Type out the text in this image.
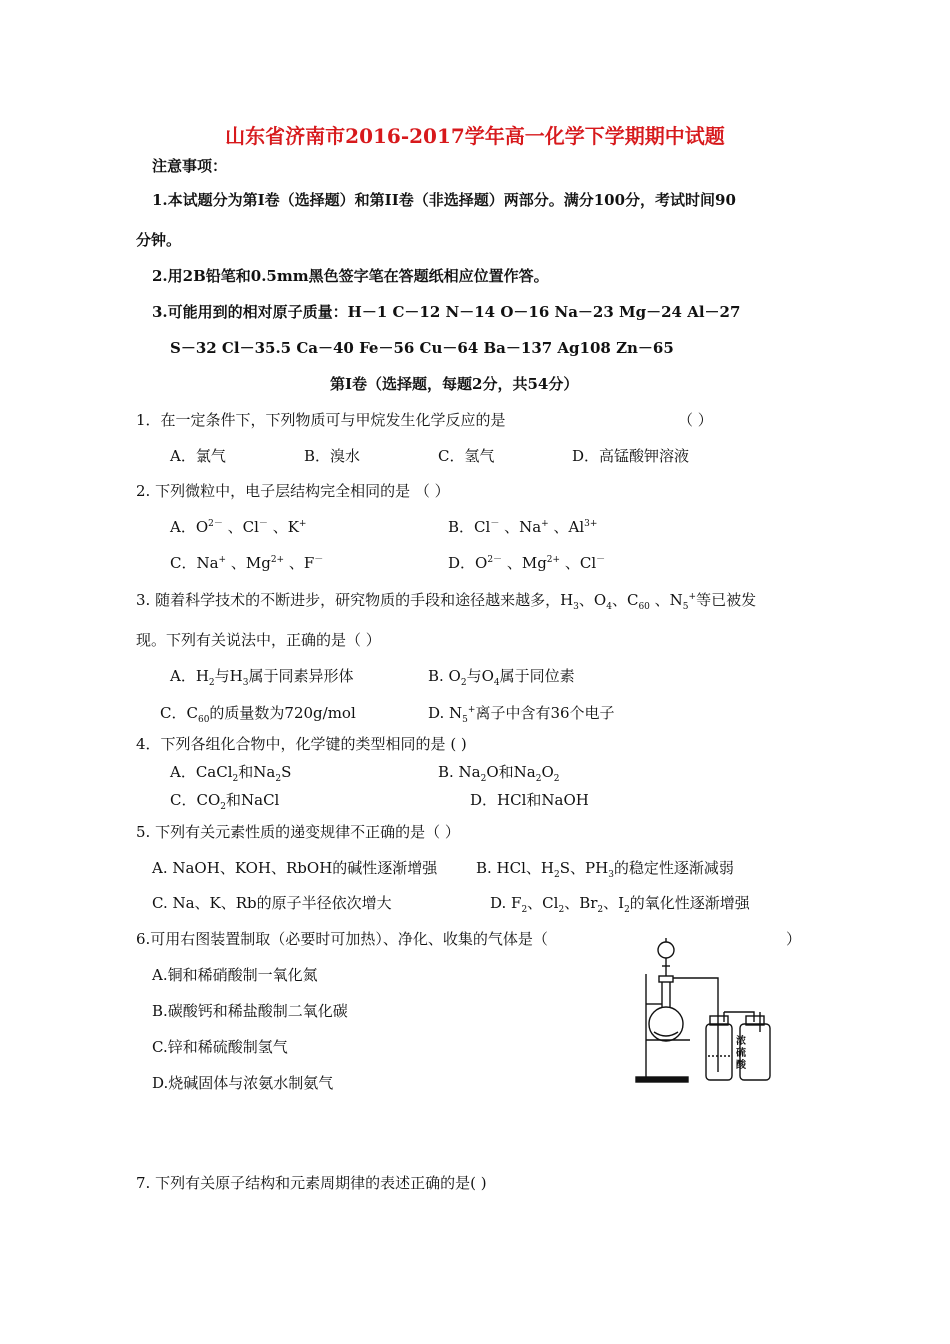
山东省济南市2016-2017学年高一化学下学期期中试题
注意事项：
1.本试题分为第I卷（选择题）和第II卷（非选择题）两部分。满分100分，考试时间90
分钟。
2.用2B铅笔和0.5mm黑色签字笔在答题纸相应位置作答。
3.可能用到的相对原子质量：H－1 C－12 N－14 O－16 Na－23 Mg－24 Al－27
S－32 Cl－35.5 Ca－40 Fe－56 Cu－64 Ba－137 Ag108 Zn－65
第I卷（选择题，每题2分，共54分）
1．在一定条件下，下列物质可与甲烷发生化学反应的是	（ ）
A．氯气	B．溴水	C．氢气	D．高锰酸钾溶液
2. 下列微粒中，电子层结构完全相同的是 （ ）
A．$O^{2-}$ 、Cl－ 、K+	B．Cl－ 、Na+ 、$Al^{3+}$
C．Na+ 、$Mg^{2+}$ 、F－	D．$O^{2-}$ 、$Mg^{2+}$ 、Cl－
3. 随着科学技术的不断进步，研究物质的手段和途径越来越多，$H_3$、$O_4$、$C_{60}$ 、$N_5^+$等已被发
现。下列有关说法中，正确的是（ ）
A．$H_2$与$H_3$属于同素异形体	B. $O_2$与$O_4$属于同位素
C．$C_{60}$的质量数为720g/mol	D. $N_5^+$离子中含有36个电子
4．下列各组化合物中，化学键的类型相同的是 ( )
A．CaCl$_2$和$Na_2S$	B. $Na_2O$和$Na_2O_2$
C．$CO_2$和NaCl	D．HCl和NaOH
5. 下列有关元素性质的递变规律不正确的是（ ）
A. NaOH、KOH、RbOH的碱性逐渐增强	B. HCl、$H_2S$、$PH_3$的稳定性逐渐减弱
C. Na、K、Rb的原子半径依次增大	D. $F_2$、$Cl_2$、$Br_2$、$I_2$的氧化性逐渐增强
6.可用右图装置制取（必要时可加热）、净化、收集的气体是（	）
A.铜和稀硝酸制一氧化氮
B.碳酸钙和稀盐酸制二氧化碳
C.锌和稀硫酸制氢气
D.烧碱固体与浓氨水制氨气
浓
硫
酸
7. 下列有关原子结构和元素周期律的表述正确的是( )
